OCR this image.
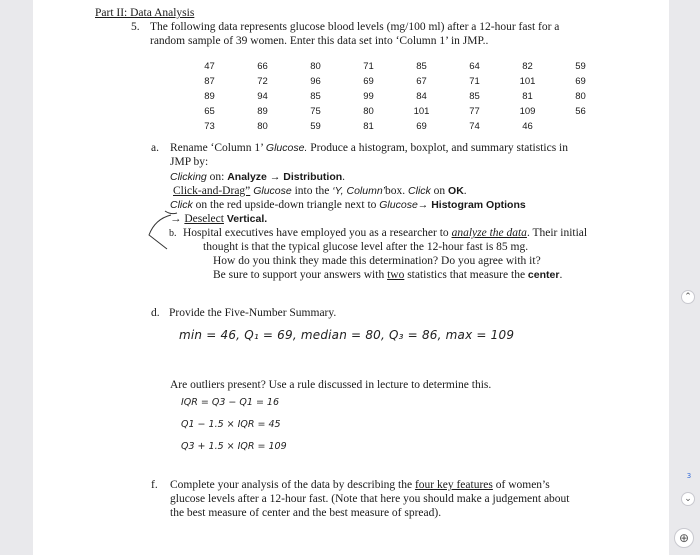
Part II: Data Analysis
5. The following data represents glucose blood levels (mg/100 ml) after a 12-hour fast for a
random sample of 39 women. Enter this data set into ‘Column 1’ in JMP..
47	66	80	71	85	64	82	59
87	72	96	69	67	71	101	69
89	94	85	99	84	85	81	80
65	89	75	80	101	77	109	56
73	80	59	81	69	74	46	
a. Rename ‘Column 1’ Glucose. Produce a histogram, boxplot, and summary statistics in
JMP by:
Clicking on: Analyze → Distribution.
Click-and-Drag” Glucose into the ‘Y, Column’box. Click on OK.
Click on the red upside-down triangle next to Glucose→ Histogram Options
→ Deselect Vertical.
b. Hospital executives have employed you as a researcher to analyze the data. Their initial
thought is that the typical glucose level after the 12-hour fast is 85 mg.
How do you think they made this determination? Do you agree with it?
Be sure to support your answers with two statistics that measure the center.
d. Provide the Five-Number Summary.
min = 46, Q₁ = 69, median = 80, Q₃ = 86, max = 109
Are outliers present? Use a rule discussed in lecture to determine this.
IQR = Q3 − Q1 = 16
Q1 − 1.5 × IQR = 45
Q3 + 1.5 × IQR = 109
f. Complete your analysis of the data by describing the four key features of women’s
glucose levels after a 12-hour fast. (Note that here you should make a judgement about
the best measure of center and the best measure of spread).
⌃
3
⌄
⊕
